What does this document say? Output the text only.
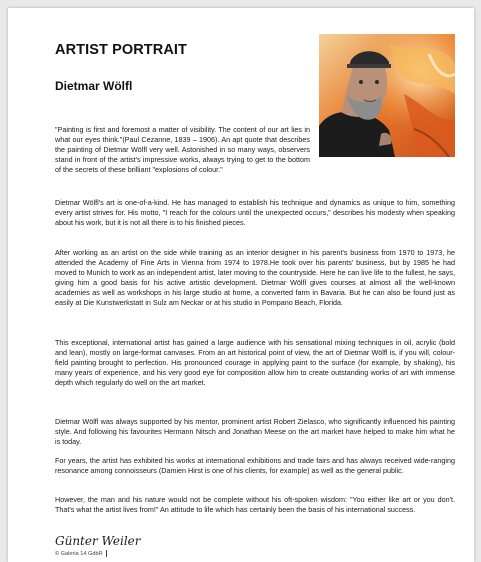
ARTIST PORTRAIT
Dietmar Wölfl

"Painting is first and foremost a matter of visibility. The content of our art lies in what our eyes think."(Paul Cezanne, 1839 – 1906). An apt quote that describes the painting of Dietmar Wölfl very well. Astonished in so many ways, observers stand in front of the artist's impressive works, always trying to get to the bottom of the secrets of these brilliant "explosions of colour."

Dietmar Wölfl's art is one-of-a-kind. He has managed to establish his technique and dynamics as unique to him, something every artist strives for. His motto, "I reach for the colours until the unexpected occurs," describes his modesty when speaking about his work, but it is not all there is to his finished pieces.

After working as an artist on the side while training as an interior designer in his parent's business from 1970 to 1973, he attended the Academy of Fine Arts in Vienna from 1974 to 1978.He took over his parents' business, but by 1985 he had moved to Munich to work as an independent artist, later moving to the countryside. Here he can live life to the fullest, he says, giving him a good basis for his active artistic development. Dietmar Wölfl gives courses at almost all the well-known academies as well as workshops in his large studio at home, a converted farm in Bavaria. But he can also be found just as easily at Die Kunstwerkstatt in Sulz am Neckar or at his studio in Pompano Beach, Florida.

This exceptional, international artist has gained a large audience with his sensational mixing techniques in oil, acrylic (bold and lean), mostly on large-format canvases. From an art historical point of view, the art of Dietmar Wölfl is, if you will, colour-field painting brought to perfection. His pronounced courage in applying paint to the surface (for example, by shaking), his many years of experience, and his very good eye for composition allow him to create outstanding works of art with immense depth which regularly do well on the art market.

Dietmar Wölfl was always supported by his mentor, prominent artist Robert Zielasco, who significantly influenced his painting style. And following his favourites Hermann Nitsch and Jonathan Meese on the art market have helped to make him what he is today.

For years, the artist has exhibited his works at international exhibitions and trade fairs and has always received wide-ranging resonance among connoisseurs (Damien Hirst is one of his clients, for example) as well as the general public.

However, the man and his nature would not be complete without his oft-spoken wisdom: "You either like art or you don't. That's what the artist lives from!" An attitude to life which has certainly been the basis of his international success.

Günter Weiler
© Galeria 14 GdbR
